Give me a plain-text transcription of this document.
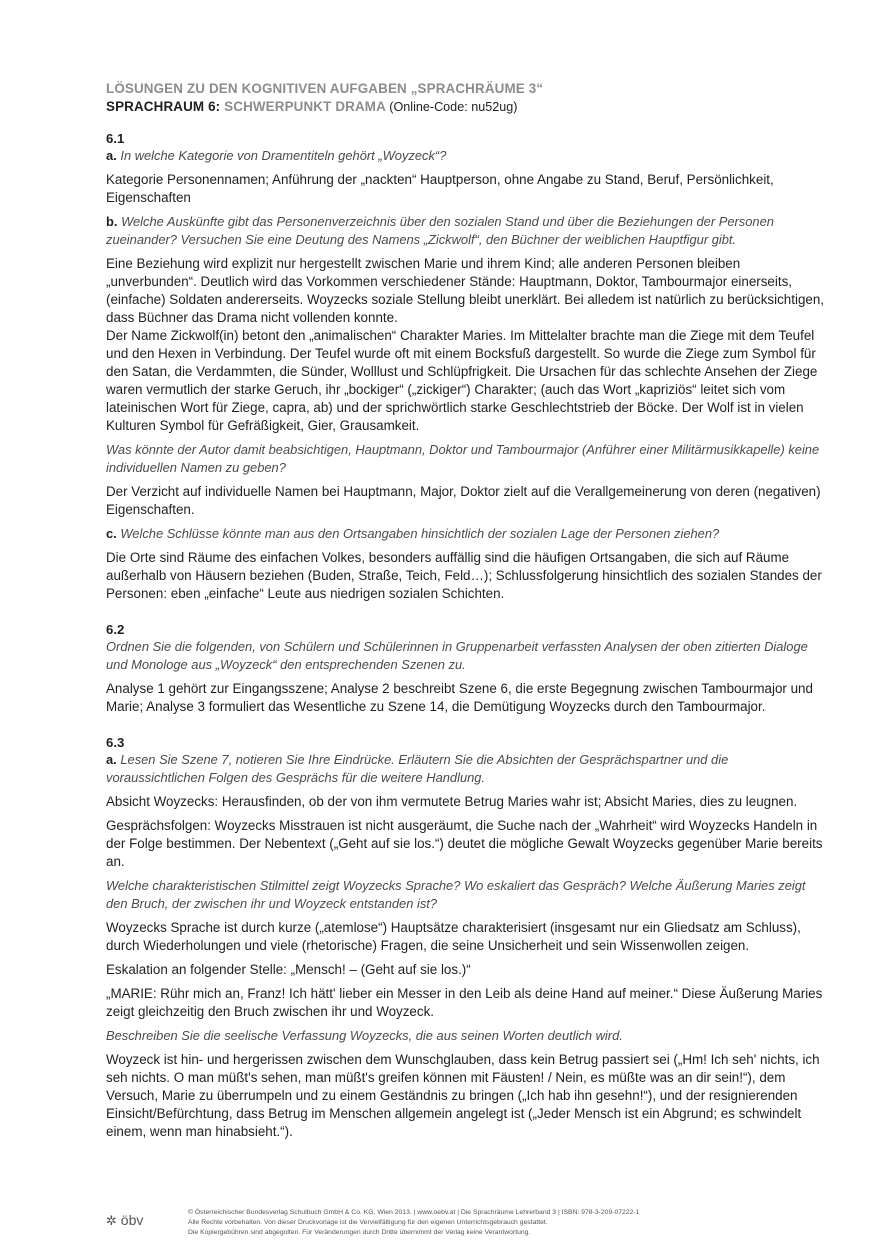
LÖSUNGEN ZU DEN KOGNITIVEN AUFGABEN „SPRACHRÄUME 3“
SPRACHRAUM 6: SCHWERPUNKT DRAMA (Online-Code: nu52ug)
6.1
a. In welche Kategorie von Dramentiteln gehört „Woyzeck“?
Kategorie Personennamen; Anführung der „nackten“ Hauptperson, ohne Angabe zu Stand, Beruf, Persönlichkeit, Eigenschaften
b. Welche Auskünfte gibt das Personenverzeichnis über den sozialen Stand und über die Beziehungen der Personen zueinander? Versuchen Sie eine Deutung des Namens „Zickwolf“, den Büchner der weiblichen Hauptfigur gibt.
Eine Beziehung wird explizit nur hergestellt zwischen Marie und ihrem Kind; alle anderen Personen bleiben „unverbunden“. Deutlich wird das Vorkommen verschiedener Stände: Hauptmann, Doktor, Tambourmajor einerseits, (einfache) Soldaten andererseits. Woyzecks soziale Stellung bleibt unerklärt. Bei alledem ist natürlich zu berücksichtigen, dass Büchner das Drama nicht vollenden konnte.
Der Name Zickwolf(in) betont den „animalischen“ Charakter Maries. Im Mittelalter brachte man die Ziege mit dem Teufel und den Hexen in Verbindung. Der Teufel wurde oft mit einem Bocksfuß dargestellt. So wurde die Ziege zum Symbol für den Satan, die Verdammten, die Sünder, Wolllust und Schlüpfrigkeit. Die Ursachen für das schlechte Ansehen der Ziege waren vermutlich der starke Geruch, ihr „bockiger“ („zickiger“) Charakter; (auch das Wort „kapriziös“ leitet sich vom lateinischen Wort für Ziege, capra, ab) und der sprichwörtlich starke Geschlechtstrieb der Böcke. Der Wolf ist in vielen Kulturen Symbol für Gefräßigkeit, Gier, Grausamkeit.
Was könnte der Autor damit beabsichtigen, Hauptmann, Doktor und Tambourmajor (Anführer einer Militärmusikkapelle) keine individuellen Namen zu geben?
Der Verzicht auf individuelle Namen bei Hauptmann, Major, Doktor zielt auf die Verallgemeinerung von deren (negativen) Eigenschaften.
c. Welche Schlüsse könnte man aus den Ortsangaben hinsichtlich der sozialen Lage der Personen ziehen?
Die Orte sind Räume des einfachen Volkes, besonders auffällig sind die häufigen Ortsangaben, die sich auf Räume außerhalb von Häusern beziehen (Buden, Straße, Teich, Feld…); Schlussfolgerung hinsichtlich des sozialen Standes der Personen: eben „einfache“ Leute aus niedrigen sozialen Schichten.
6.2
Ordnen Sie die folgenden, von Schülern und Schülerinnen in Gruppenarbeit verfassten Analysen der oben zitierten Dialoge und Monologe aus „Woyzeck“ den entsprechenden Szenen zu.
Analyse 1 gehört zur Eingangsszene; Analyse 2 beschreibt Szene 6, die erste Begegnung zwischen Tambourmajor und Marie; Analyse 3 formuliert das Wesentliche zu Szene 14, die Demütigung Woyzecks durch den Tambourmajor.
6.3
a. Lesen Sie Szene 7, notieren Sie Ihre Eindrücke. Erläutern Sie die Absichten der Gesprächspartner und die voraussichtlichen Folgen des Gesprächs für die weitere Handlung.
Absicht Woyzecks: Herausfinden, ob der von ihm vermutete Betrug Maries wahr ist; Absicht Maries, dies zu leugnen.
Gesprächsfolgen: Woyzecks Misstrauen ist nicht ausgeräumt, die Suche nach der „Wahrheit“ wird Woyzecks Handeln in der Folge bestimmen. Der Nebentext („Geht auf sie los.“) deutet die mögliche Gewalt Woyzecks gegenüber Marie bereits an.
Welche charakteristischen Stilmittel zeigt Woyzecks Sprache? Wo eskaliert das Gespräch? Welche Äußerung Maries zeigt den Bruch, der zwischen ihr und Woyzeck entstanden ist?
Woyzecks Sprache ist durch kurze („atemlose“) Hauptsätze charakterisiert (insgesamt nur ein Gliedsatz am Schluss), durch Wiederholungen und viele (rhetorische) Fragen, die seine Unsicherheit und sein Wissenwollen zeigen.
Eskalation an folgender Stelle: „Mensch! – (Geht auf sie los.)“
„MARIE: Rühr mich an, Franz! Ich hätt' lieber ein Messer in den Leib als deine Hand auf meiner.“ Diese Äußerung Maries zeigt gleichzeitig den Bruch zwischen ihr und Woyzeck.
Beschreiben Sie die seelische Verfassung Woyzecks, die aus seinen Worten deutlich wird.
Woyzeck ist hin- und hergerissen zwischen dem Wunschglauben, dass kein Betrug passiert sei („Hm! Ich seh' nichts, ich seh nichts. O man müßt's sehen, man müßt's greifen können mit Fäusten! / Nein, es müßte was an dir sein!“), dem Versuch, Marie zu überrumpeln und zu einem Geständnis zu bringen („Ich hab ihn gesehn!“), und der resignierenden Einsicht/Befürchtung, dass Betrug im Menschen allgemein angelegt ist („Jeder Mensch ist ein Abgrund; es schwindelt einem, wenn man hinabsieht.“).
✲ öbv	© Österreichischer Bundesverlag Schulbuch GmbH & Co. KG, Wien 2013. | www.oebv.at | Die Sprachräume Lehrerband 3 | ISBN: 978-3-209-07222-1
Alle Rechte vorbehalten. Von dieser Druckvorlage ist die Vervielfältigung für den eigenen Unterrichtsgebrauch gestattet.
Die Kopiergebühren sind abgegolten. Für Veränderungen durch Dritte übernimmt der Verlag keine Verantwortung.
